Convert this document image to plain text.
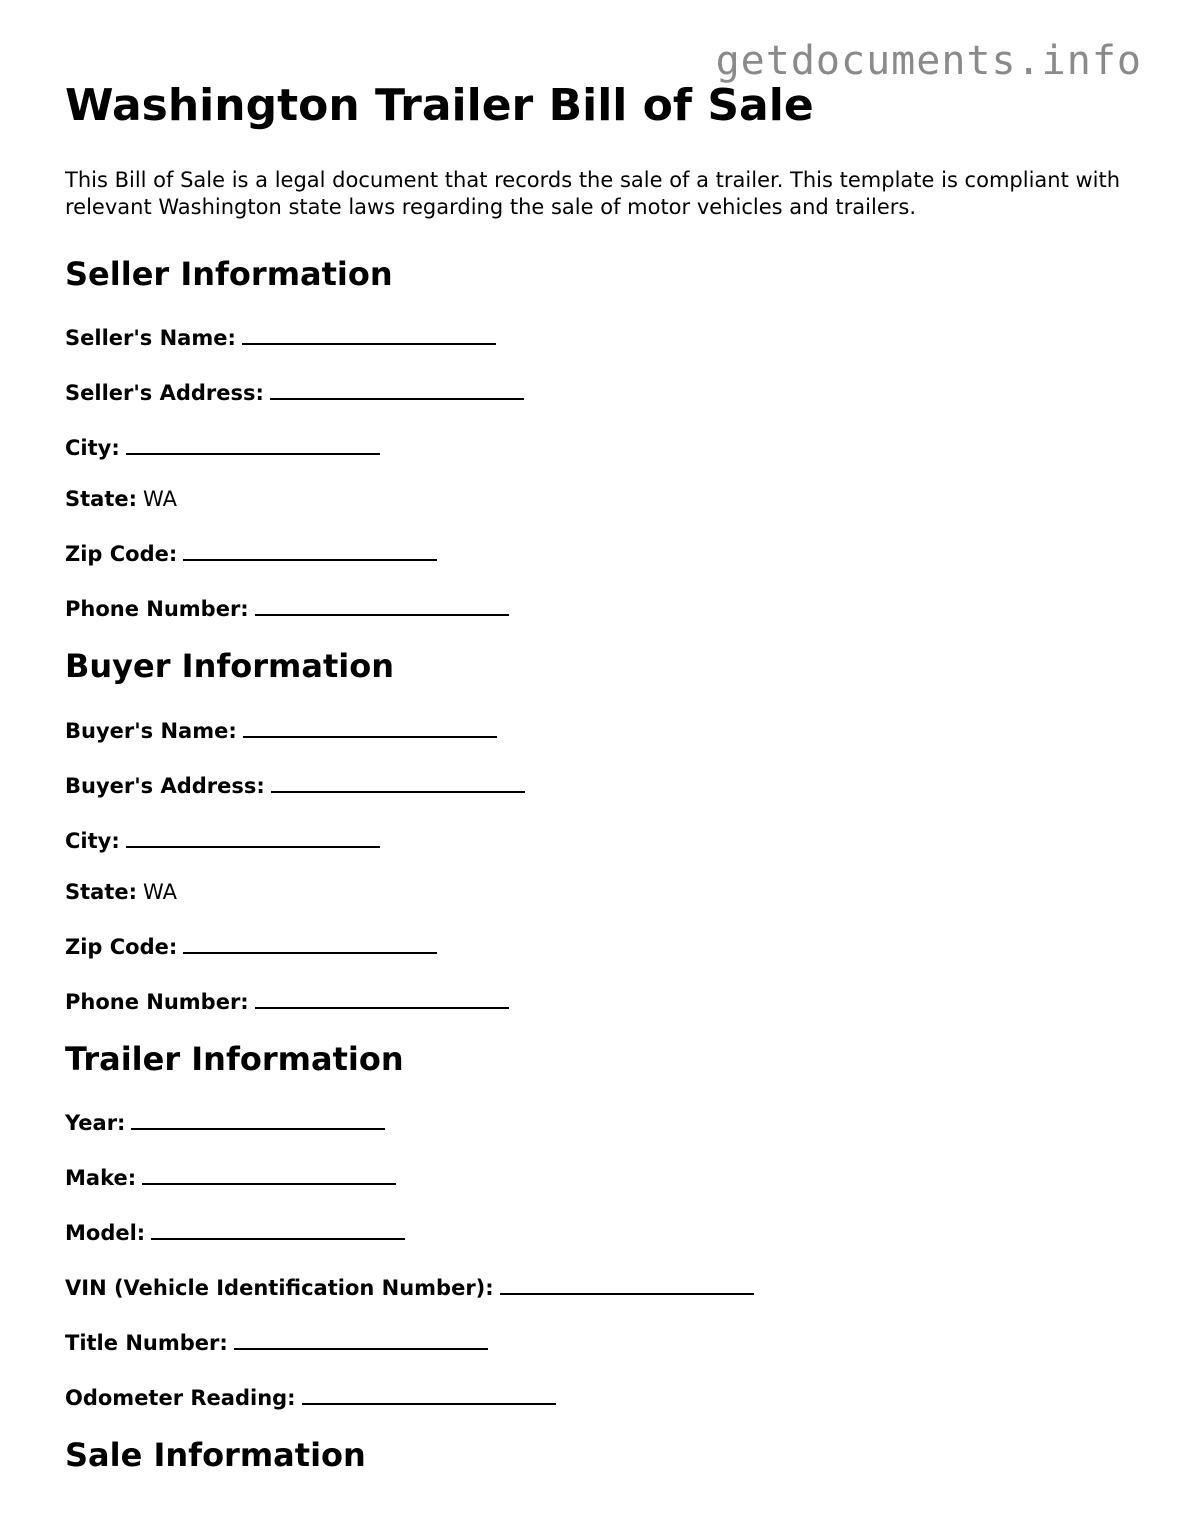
getdocuments.info
Washington Trailer Bill of Sale

This Bill of Sale is a legal document that records the sale of a trailer. This template is compliant with relevant Washington state laws regarding the sale of motor vehicles and trailers.

Seller Information
Seller's Name:
Seller's Address:
City:
State: WA
Zip Code:
Phone Number:
Buyer Information
Buyer's Name:
Buyer's Address:
City:
State: WA
Zip Code:
Phone Number:
Trailer Information
Year:
Make:
Model:
VIN (Vehicle Identification Number):
Title Number:
Odometer Reading:
Sale Information
